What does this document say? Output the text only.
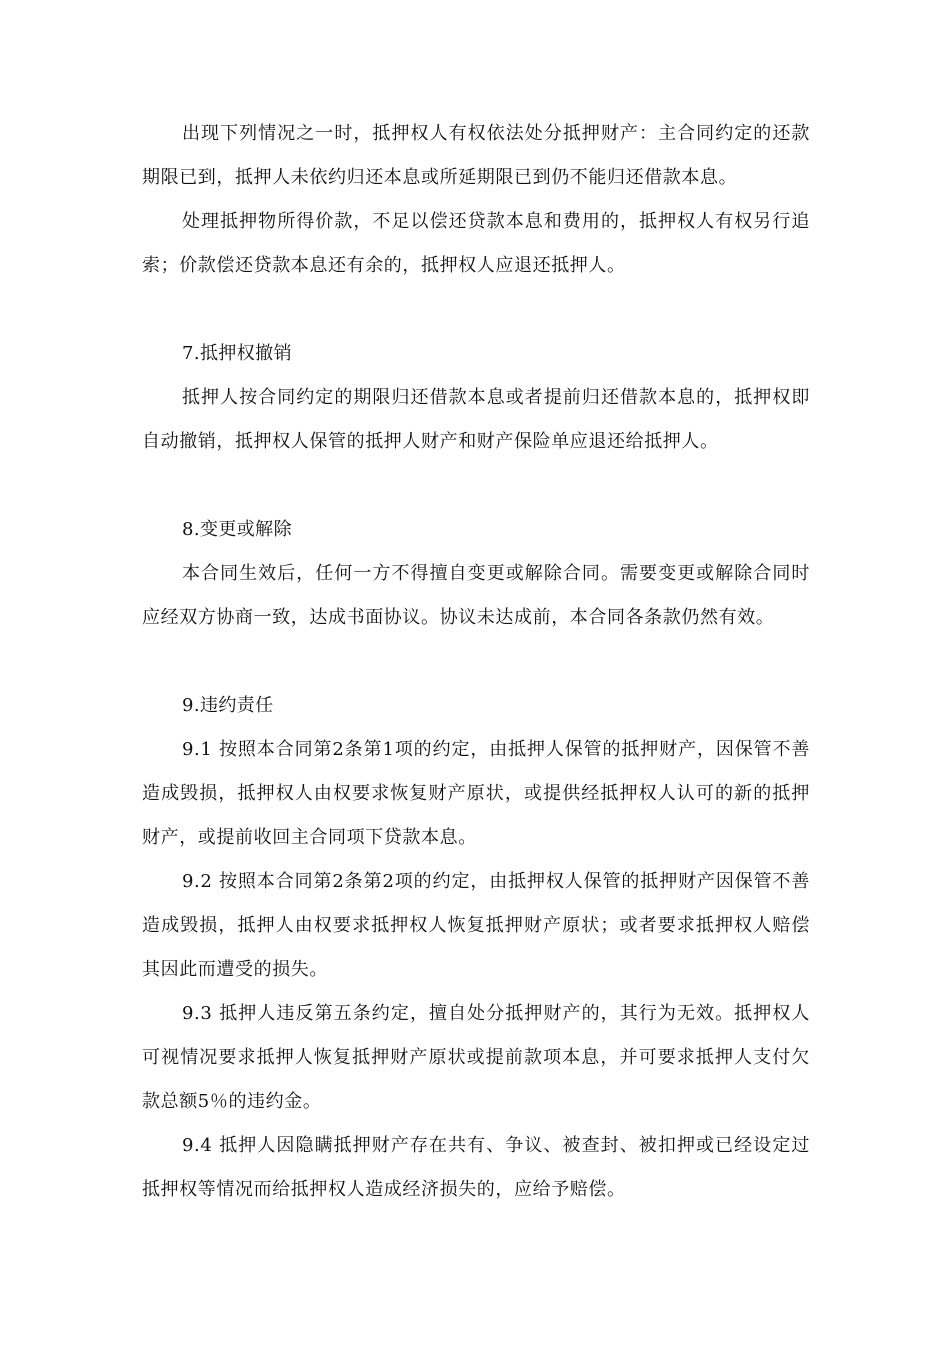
出现下列情况之一时，抵押权人有权依法处分抵押财产：主合同约定的还款期限已到，抵押人未依约归还本息或所延期限已到仍不能归还借款本息。

处理抵押物所得价款，不足以偿还贷款本息和费用的，抵押权人有权另行追索；价款偿还贷款本息还有余的，抵押权人应退还抵押人。

7.抵押权撤销

抵押人按合同约定的期限归还借款本息或者提前归还借款本息的，抵押权即自动撤销，抵押权人保管的抵押人财产和财产保险单应退还给抵押人。

8.变更或解除

本合同生效后，任何一方不得擅自变更或解除合同。需要变更或解除合同时应经双方协商一致，达成书面协议。协议未达成前，本合同各条款仍然有效。

9.违约责任

9.1 按照本合同第2条第1项的约定，由抵押人保管的抵押财产，因保管不善造成毁损，抵押权人由权要求恢复财产原状，或提供经抵押权人认可的新的抵押财产，或提前收回主合同项下贷款本息。

9.2 按照本合同第2条第2项的约定，由抵押权人保管的抵押财产因保管不善造成毁损，抵押人由权要求抵押权人恢复抵押财产原状；或者要求抵押权人赔偿其因此而遭受的损失。

9.3 抵押人违反第五条约定，擅自处分抵押财产的，其行为无效。抵押权人可视情况要求抵押人恢复抵押财产原状或提前款项本息，并可要求抵押人支付欠款总额5％的违约金。

9.4 抵押人因隐瞒抵押财产存在共有、争议、被查封、被扣押或已经设定过抵押权等情况而给抵押权人造成经济损失的，应给予赔偿。
